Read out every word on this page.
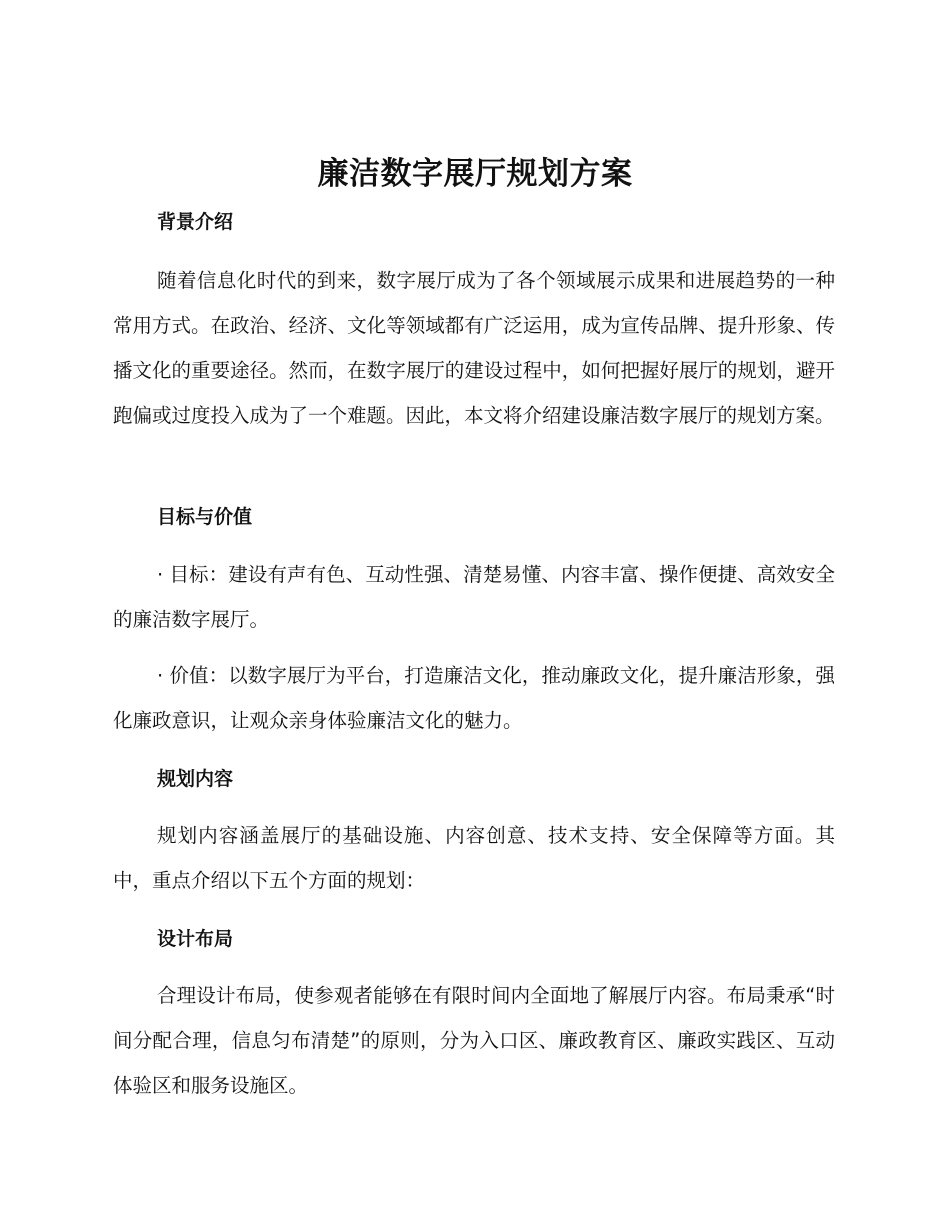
廉洁数字展厅规划方案
背景介绍

随着信息化时代的到来，数字展厅成为了各个领域展示成果和进展趋势的一种常用方式。在政治、经济、文化等领域都有广泛运用，成为宣传品牌、提升形象、传播文化的重要途径。然而，在数字展厅的建设过程中，如何把握好展厅的规划，避开跑偏或过度投入成为了一个难题。因此，本文将介绍建设廉洁数字展厅的规划方案。

目标与价值

· 目标：建设有声有色、互动性强、清楚易懂、内容丰富、操作便捷、高效安全的廉洁数字展厅。

· 价值：以数字展厅为平台，打造廉洁文化，推动廉政文化，提升廉洁形象，强化廉政意识，让观众亲身体验廉洁文化的魅力。

规划内容

规划内容涵盖展厅的基础设施、内容创意、技术支持、安全保障等方面。其中，重点介绍以下五个方面的规划：

设计布局

合理设计布局，使参观者能够在有限时间内全面地了解展厅内容。布局秉承“时间分配合理，信息匀布清楚”的原则，分为入口区、廉政教育区、廉政实践区、互动体验区和服务设施区。
